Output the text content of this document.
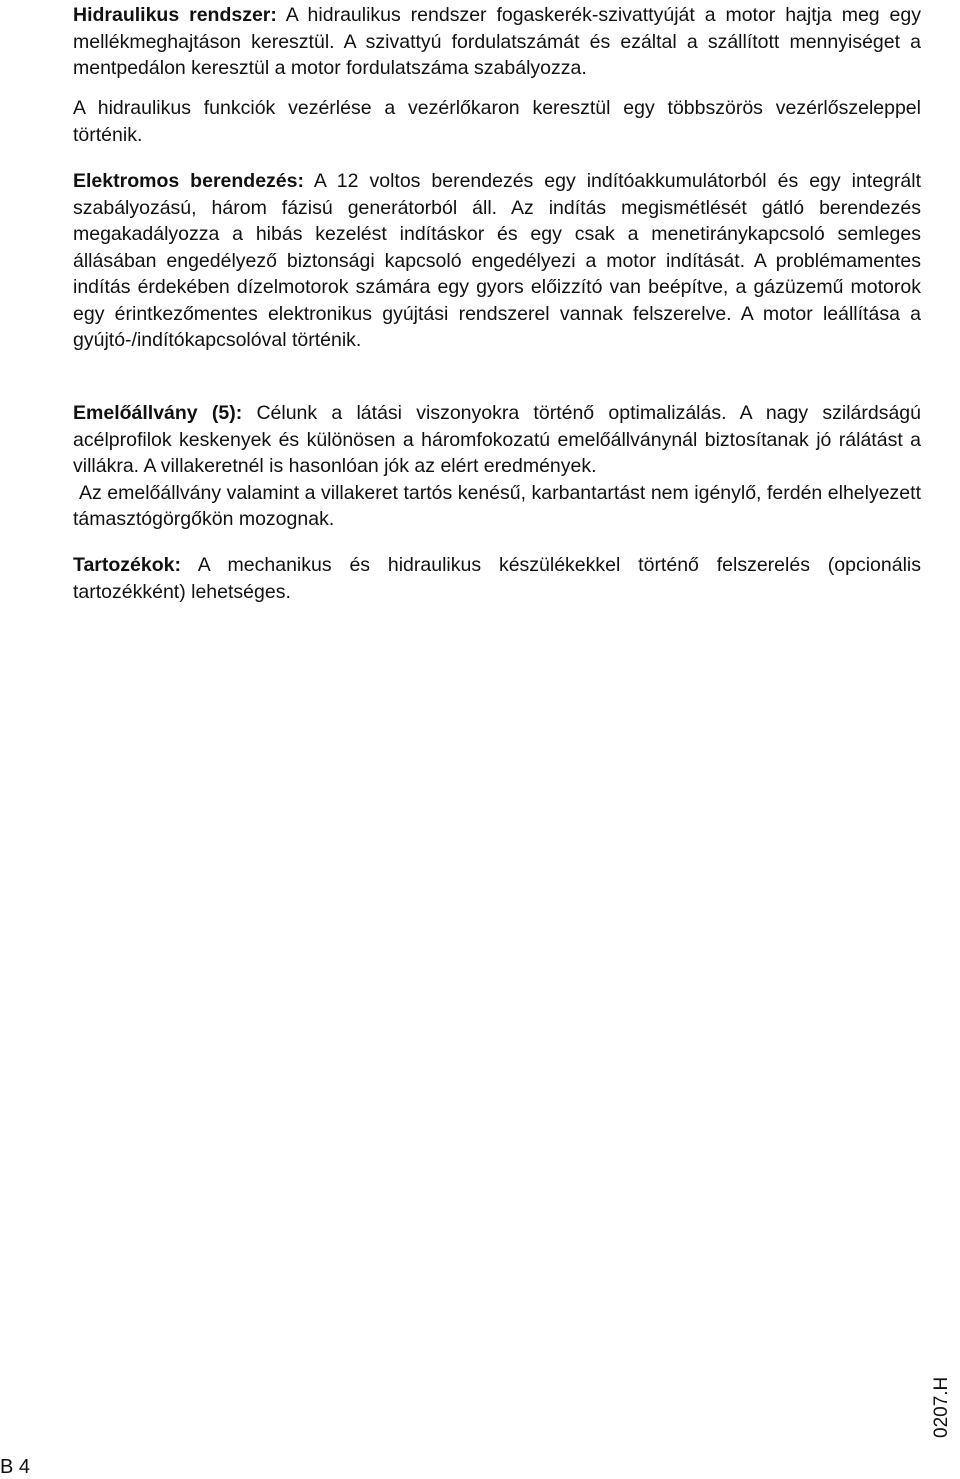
Hidraulikus rendszer: A hidraulikus rendszer fogaskerék-szivattyúját a motor hajtja meg egy mellékmeghajtáson keresztül. A szivattyú fordulatszámát és ezáltal a szállított mennyiséget a mentpedálon keresztül a motor fordulatszáma szabályozza.

A hidraulikus funkciók vezérlése a vezérlőkaron keresztül egy többszörös vezérlőszeleppel történik.

Elektromos berendezés: A 12 voltos berendezés egy indítóakkumulátorból és egy integrált szabályozású, három fázisú generátorból áll. Az indítás megismétlését gátló berendezés megakadályozza a hibás kezelést indításkor és egy csak a menetiránykapcsoló semleges állásában engedélyező biztonsági kapcsoló engedélyezi a motor indítását. A problémamentes indítás érdekében dízelmotorok számára egy gyors előizzító van beépítve, a gázüzemű motorok egy érintkezőmentes elektronikus gyújtási rendszerel vannak felszerelve. A motor leállítása a gyújtó-/indítókapcsolóval történik.

Emelőállvány (5): Célunk a látási viszonyokra történő optimalizálás. A nagy szilárdságú acélprofilok keskenyek és különösen a háromfokozatú emelőállványnál biztosítanak jó rálátást a villákra. A villakeretnél is hasonlóan jók az elért eredmények.
Az emelőállvány valamint a villakeret tartós kenésű, karbantartást nem igénylő, ferdén elhelyezett támasztógörgőkön mozognak.

Tartozékok: A mechanikus és hidraulikus készülékekkel történő felszerelés (opcionális tartozékként) lehetséges.

0207.H
B 4
